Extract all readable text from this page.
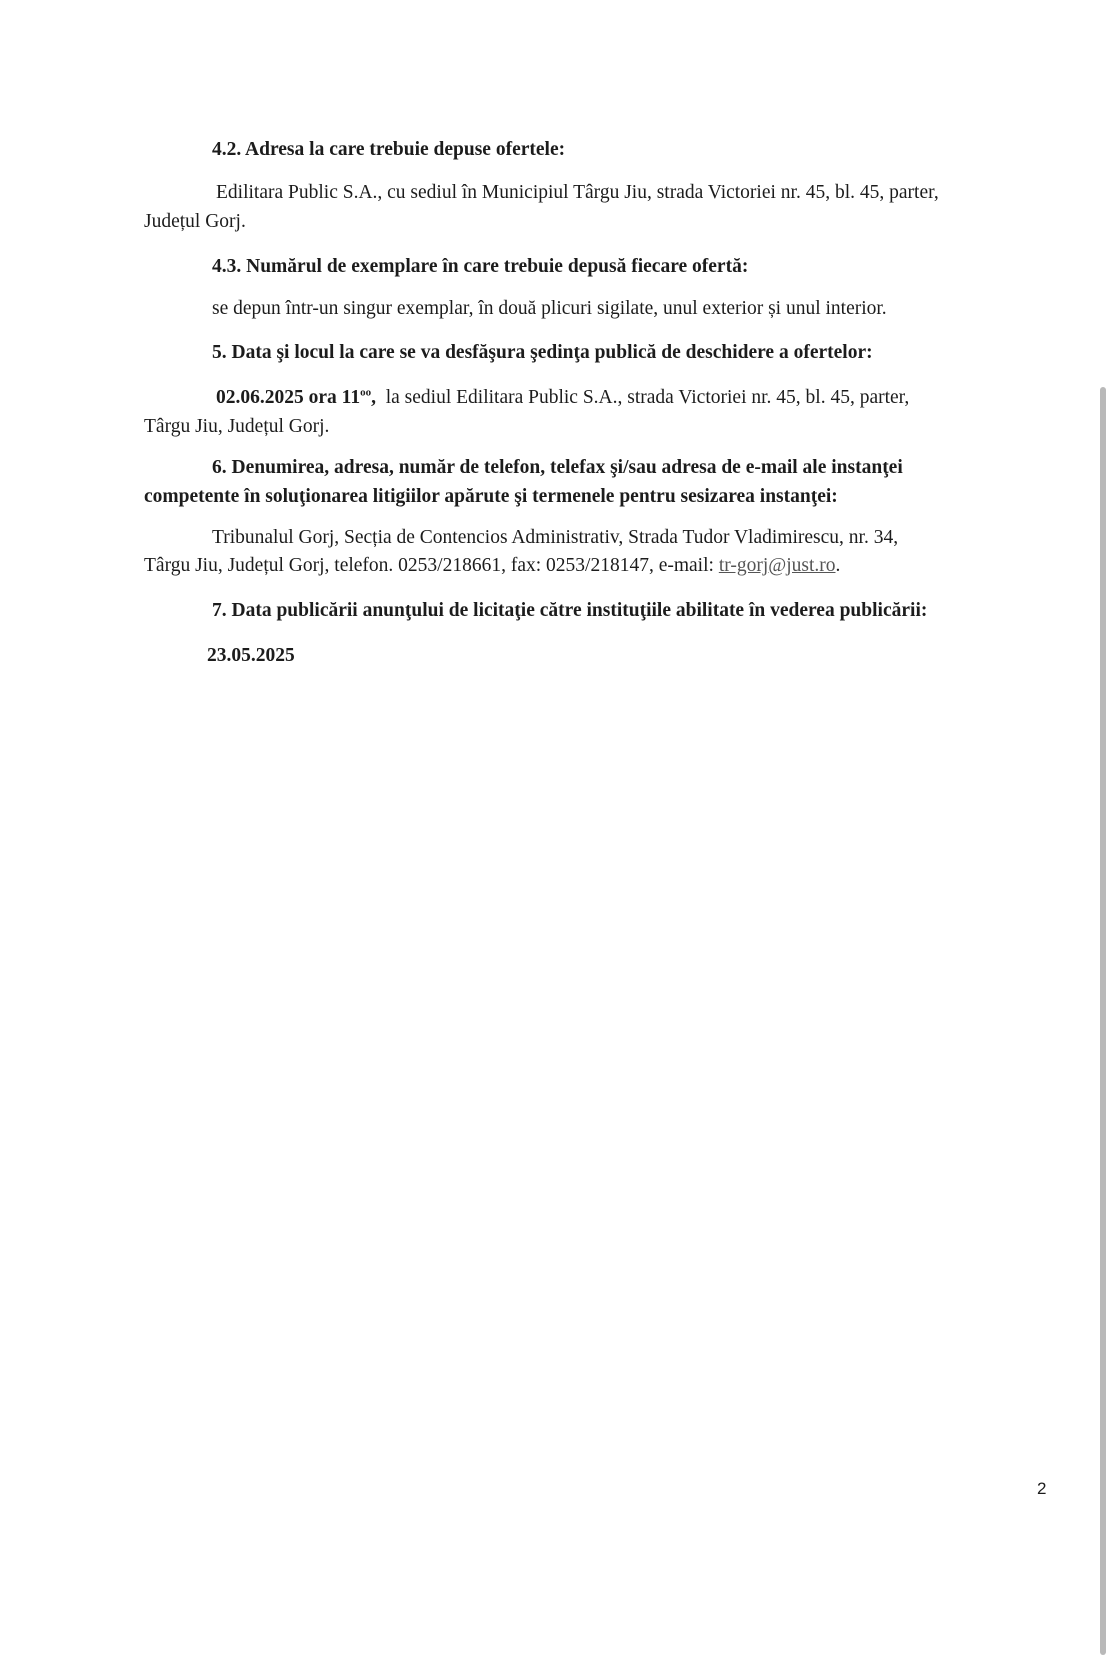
4.2. Adresa la care trebuie depuse ofertele:
Edilitara Public S.A., cu sediul în Municipiul Târgu Jiu, strada Victoriei nr. 45, bl. 45, parter,
Județul Gorj.
4.3. Numărul de exemplare în care trebuie depusă fiecare ofertă:
se depun într-un singur exemplar, în două plicuri sigilate, unul exterior și unul interior.
5. Data şi locul la care se va desfăşura şedinţa publică de deschidere a ofertelor:
02.06.2025 ora $11^{oo}$, la sediul Edilitara Public S.A., strada Victoriei nr. 45, bl. 45, parter,
Târgu Jiu, Județul Gorj.
6. Denumirea, adresa, număr de telefon, telefax şi/sau adresa de e-mail ale instanţei
competente în soluţionarea litigiilor apărute şi termenele pentru sesizarea instanţei:
Tribunalul Gorj, Secția de Contencios Administrativ, Strada Tudor Vladimirescu, nr. 34,
Târgu Jiu, Județul Gorj, telefon. 0253/218661, fax: 0253/218147, e-mail: tr-gorj@just.ro.
7. Data publicării anunţului de licitaţie către instituţiile abilitate în vederea publicării:
23.05.2025
2
